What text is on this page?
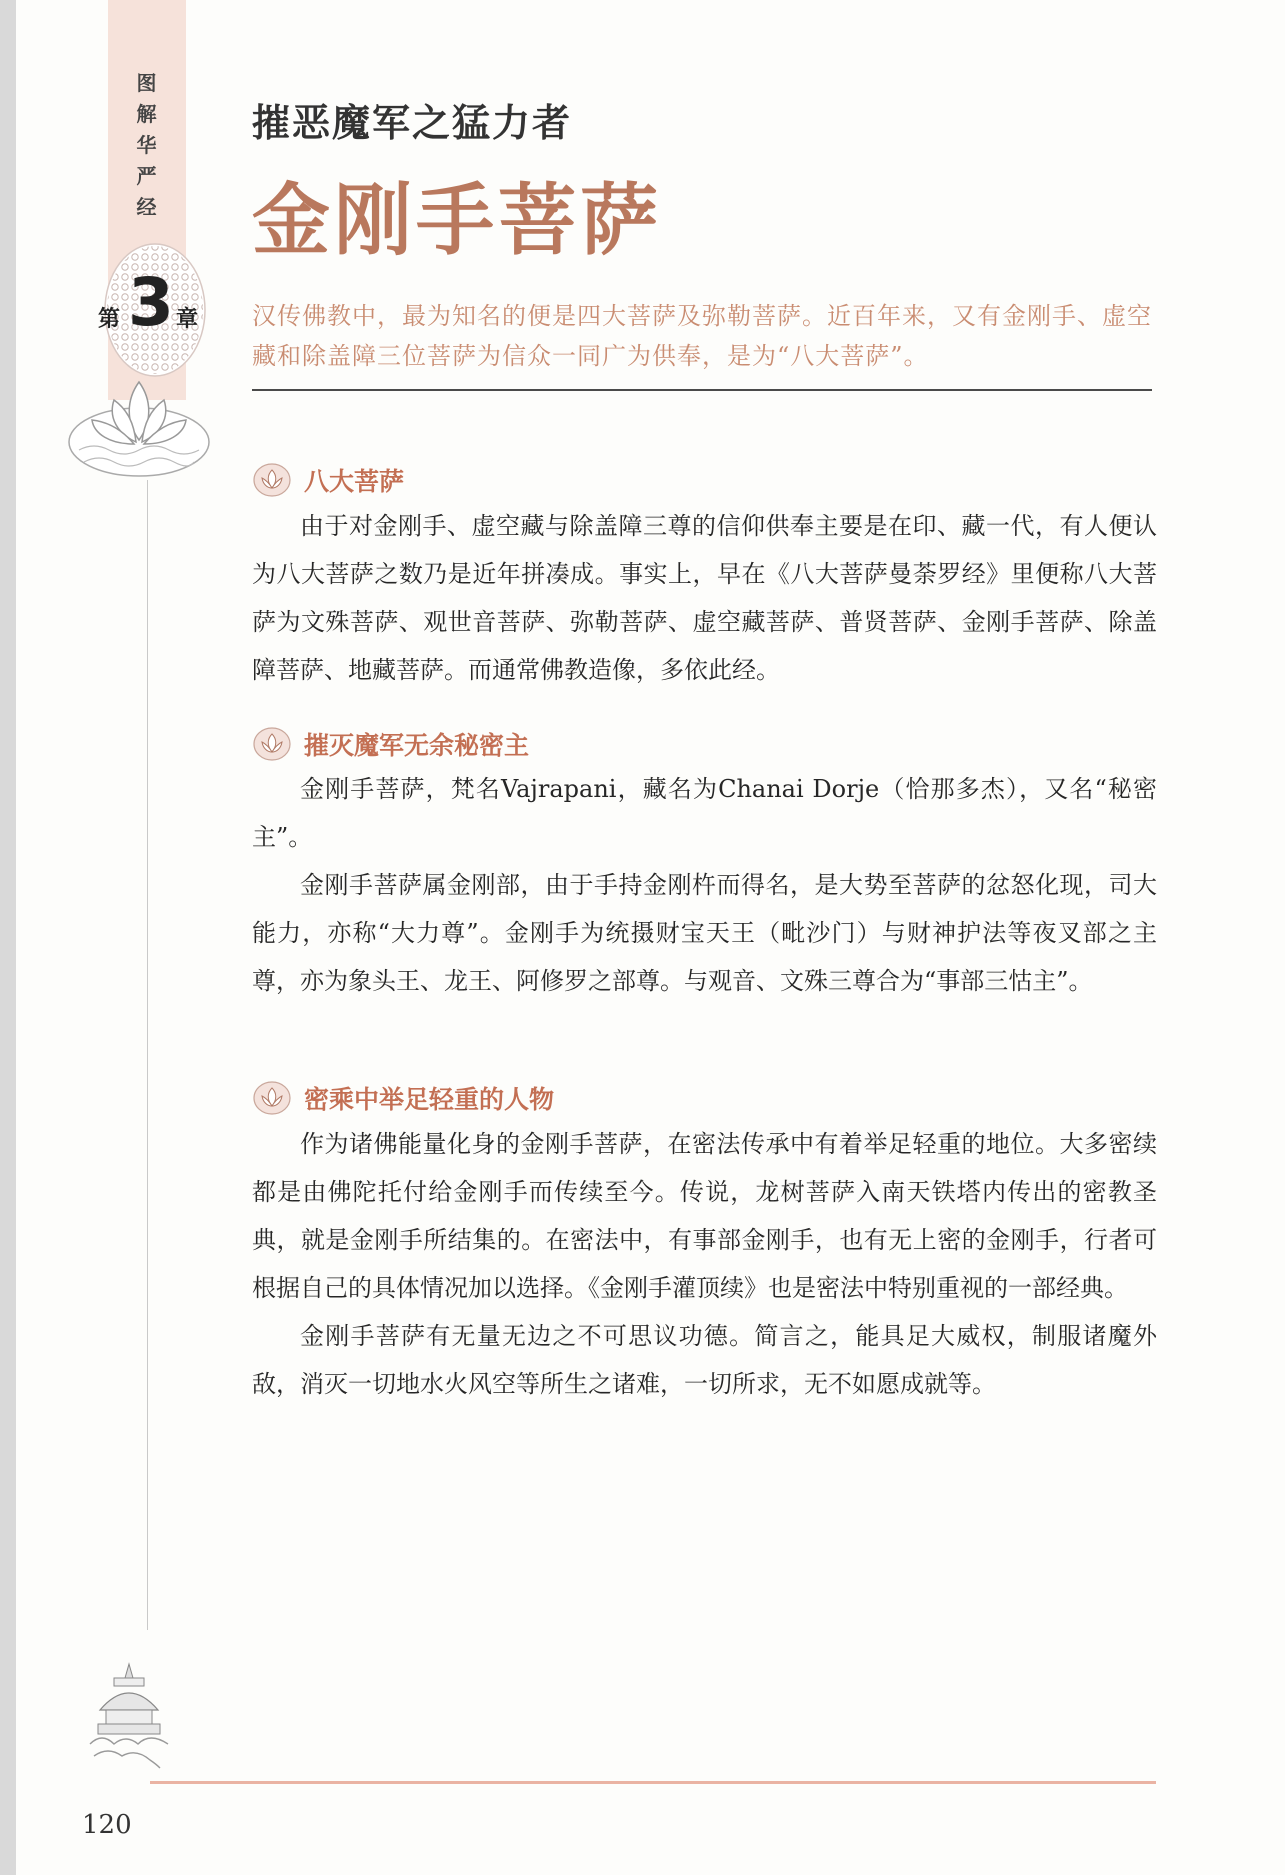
图
解
华
严
经
第 3 章
摧恶魔军之猛力者
金刚手菩萨
汉传佛教中，最为知名的便是四大菩萨及弥勒菩萨。近百年来，又有金刚手、虚空藏和除盖障三位菩萨为信众一同广为供奉，是为“八大菩萨”。
八大菩萨

由于对金刚手、虚空藏与除盖障三尊的信仰供奉主要是在印、藏一代，有人便认为八大菩萨之数乃是近年拼凑成。事实上，早在《八大菩萨曼荼罗经》里便称八大菩萨为文殊菩萨、观世音菩萨、弥勒菩萨、虚空藏菩萨、普贤菩萨、金刚手菩萨、除盖障菩萨、地藏菩萨。而通常佛教造像，多依此经。

摧灭魔军无余秘密主

金刚手菩萨，梵名Vajrapani，藏名为Chanai Dorje（恰那多杰），又名“秘密主”。

金刚手菩萨属金刚部，由于手持金刚杵而得名，是大势至菩萨的忿怒化现，司大能力，亦称“大力尊”。金刚手为统摄财宝天王（毗沙门）与财神护法等夜叉部之主尊，亦为象头王、龙王、阿修罗之部尊。与观音、文殊三尊合为“事部三怙主”。

密乘中举足轻重的人物

作为诸佛能量化身的金刚手菩萨，在密法传承中有着举足轻重的地位。大多密续都是由佛陀托付给金刚手而传续至今。传说，龙树菩萨入南天铁塔内传出的密教圣典，就是金刚手所结集的。在密法中，有事部金刚手，也有无上密的金刚手，行者可根据自己的具体情况加以选择。《金刚手灌顶续》也是密法中特别重视的一部经典。

金刚手菩萨有无量无边之不可思议功德。简言之，能具足大威权，制服诸魔外敌，消灭一切地水火风空等所生之诸难，一切所求，无不如愿成就等。

120
